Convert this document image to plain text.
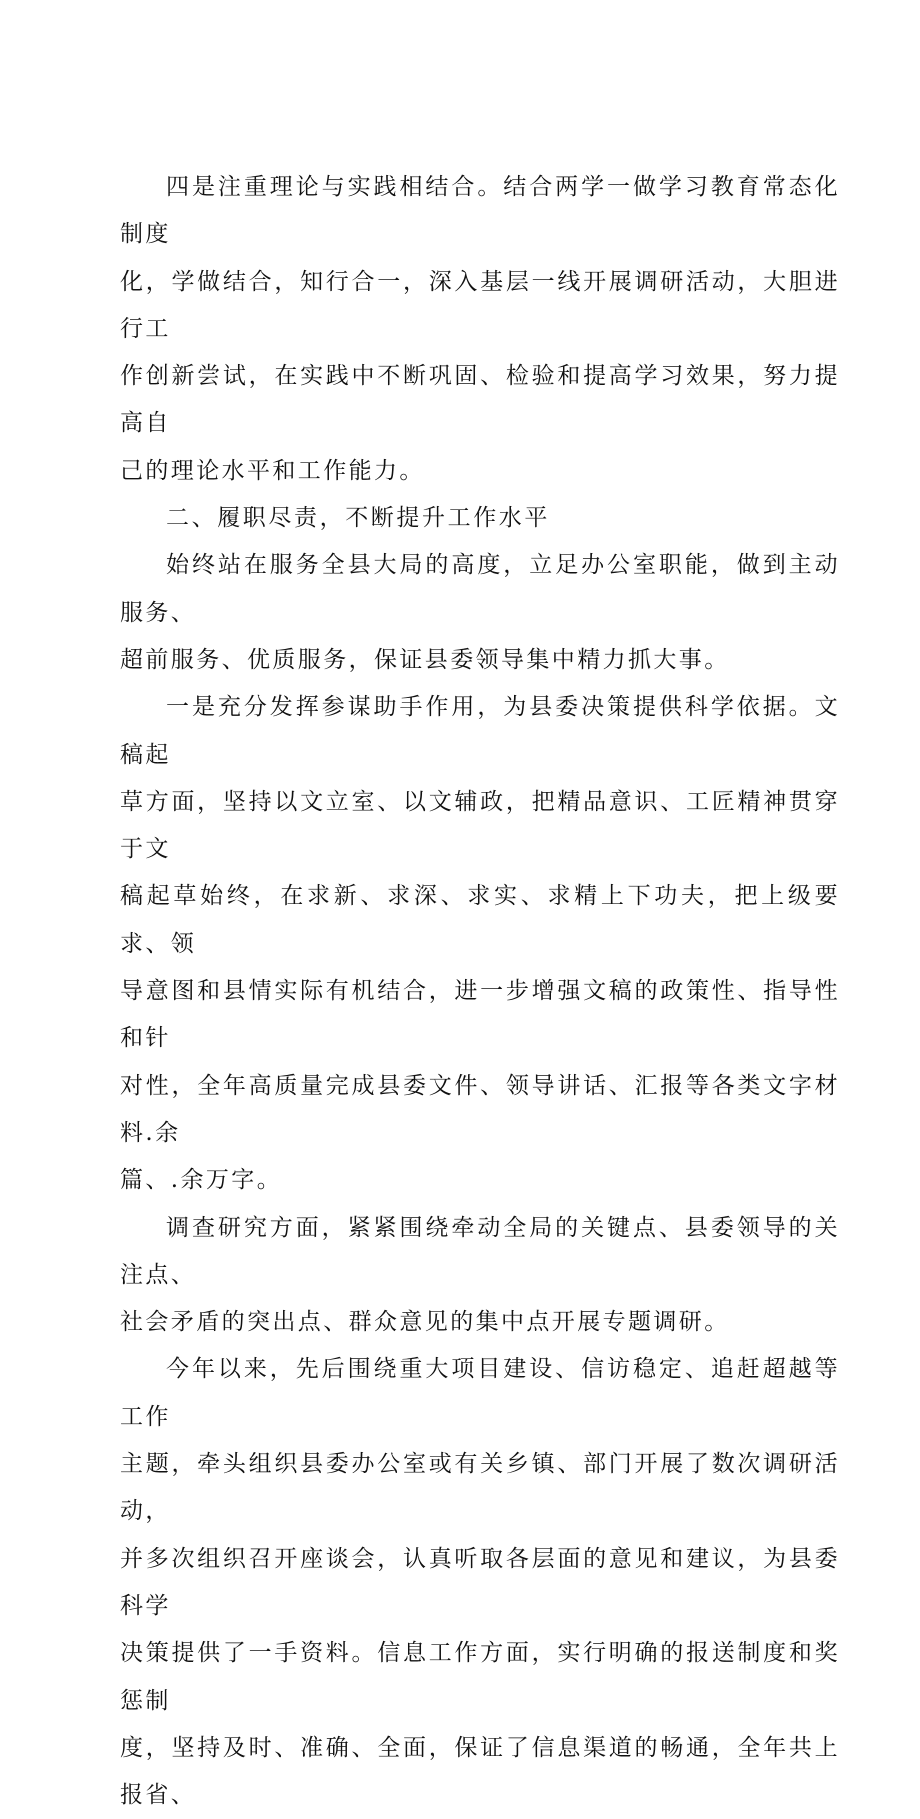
四是注重理论与实践相结合。结合两学一做学习教育常态化制度
化，学做结合，知行合一，深入基层一线开展调研活动，大胆进行工
作创新尝试，在实践中不断巩固、检验和提高学习效果，努力提高自
己的理论水平和工作能力。

二、履职尽责，不断提升工作水平

始终站在服务全县大局的高度，立足办公室职能，做到主动服务、
超前服务、优质服务，保证县委领导集中精力抓大事。

一是充分发挥参谋助手作用，为县委决策提供科学依据。文稿起
草方面，坚持以文立室、以文辅政，把精品意识、工匠精神贯穿于文
稿起草始终，在求新、求深、求实、求精上下功夫，把上级要求、领
导意图和县情实际有机结合，进一步增强文稿的政策性、指导性和针
对性，全年高质量完成县委文件、领导讲话、汇报等各类文字材料.余
篇、.余万字。

调查研究方面，紧紧围绕牵动全局的关键点、县委领导的关注点、
社会矛盾的突出点、群众意见的集中点开展专题调研。

今年以来，先后围绕重大项目建设、信访稳定、追赶超越等工作
主题，牵头组织县委办公室或有关乡镇、部门开展了数次调研活动，
并多次组织召开座谈会，认真听取各层面的意见和建议，为县委科学
决策提供了一手资料。信息工作方面，实行明确的报送制度和奖惩制
度，坚持及时、准确、全面，保证了信息渠道的畅通，全年共上报省、
